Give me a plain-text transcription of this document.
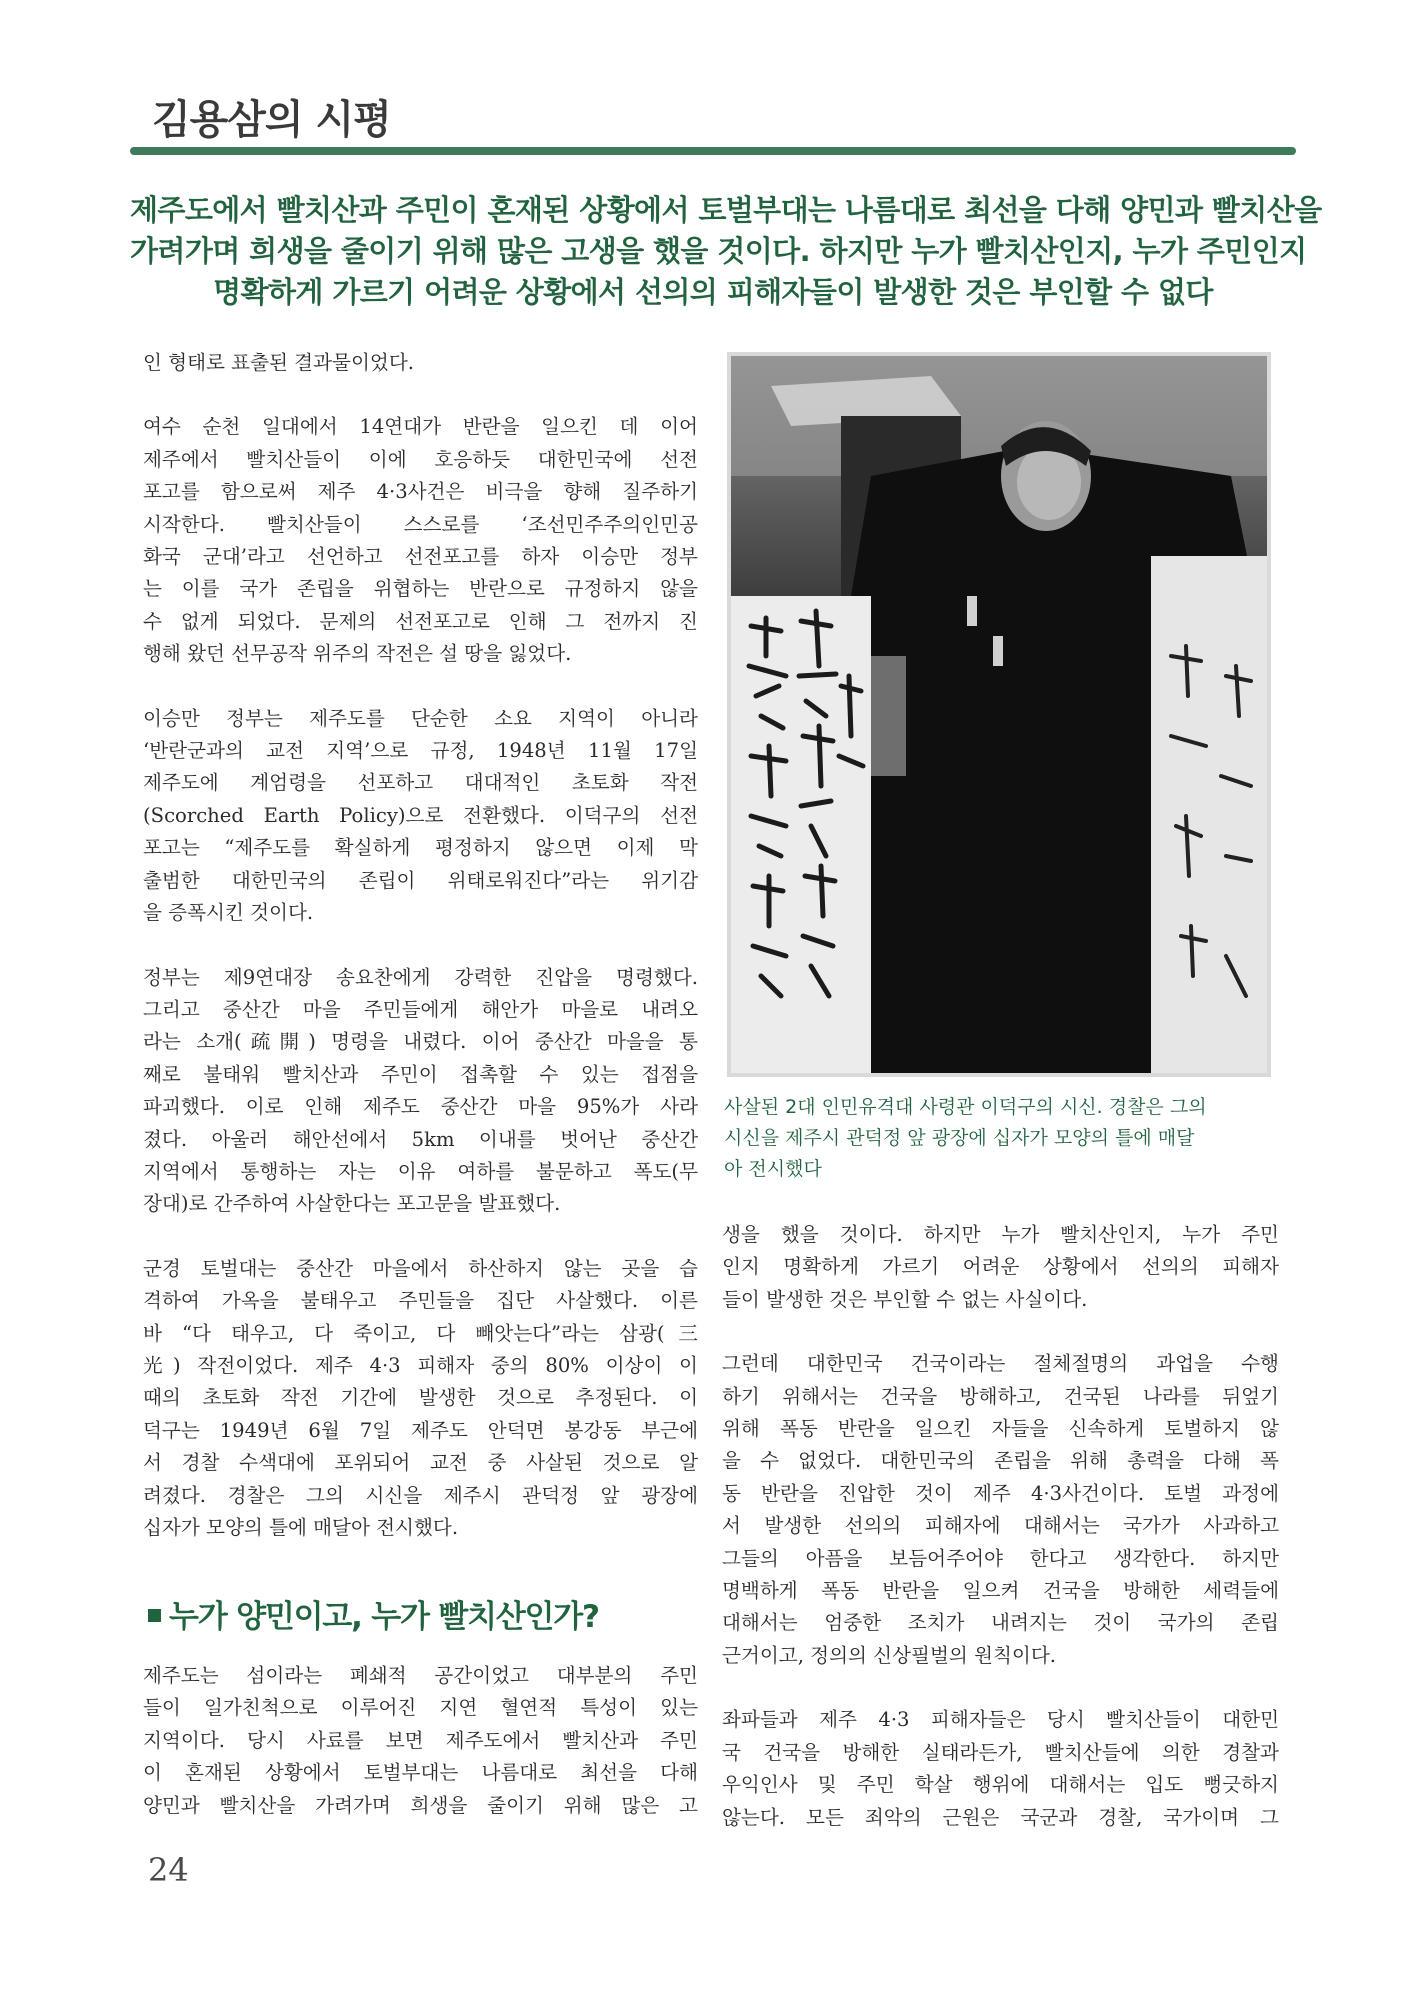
김용삼의 시평
제주도에서 빨치산과 주민이 혼재된 상황에서 토벌부대는 나름대로 최선을 다해 양민과 빨치산을
가려가며 희생을 줄이기 위해 많은 고생을 했을 것이다. 하지만 누가 빨치산인지, 누가 주민인지
명확하게 가르기 어려운 상황에서 선의의 피해자들이 발생한 것은 부인할 수 없다

인 형태로 표출된 결과물이었다.

여수 순천 일대에서 14연대가 반란을 일으킨 데 이어

제주에서 빨치산들이 이에 호응하듯 대한민국에 선전

포고를 함으로써 제주 4·3사건은 비극을 향해 질주하기

시작한다. 빨치산들이 스스로를 ‘조선민주주의인민공

화국 군대’라고 선언하고 선전포고를 하자 이승만 정부

는 이를 국가 존립을 위협하는 반란으로 규정하지 않을

수 없게 되었다. 문제의 선전포고로 인해 그 전까지 진

행해 왔던 선무공작 위주의 작전은 설 땅을 잃었다.

이승만 정부는 제주도를 단순한 소요 지역이 아니라

‘반란군과의 교전 지역’으로 규정, 1948년 11월 17일

제주도에 계엄령을 선포하고 대대적인 초토화 작전

(Scorched Earth Policy)으로 전환했다. 이덕구의 선전

포고는 “제주도를 확실하게 평정하지 않으면 이제 막

출범한 대한민국의 존립이 위태로워진다”라는 위기감

을 증폭시킨 것이다.

정부는 제9연대장 송요찬에게 강력한 진압을 명령했다.

그리고 중산간 마을 주민들에게 해안가 마을로 내려오

라는 소개(疏開) 명령을 내렸다. 이어 중산간 마을을 통

째로 불태워 빨치산과 주민이 접촉할 수 있는 접점을

파괴했다. 이로 인해 제주도 중산간 마을 95%가 사라

졌다. 아울러 해안선에서 5km 이내를 벗어난 중산간

지역에서 통행하는 자는 이유 여하를 불문하고 폭도(무

장대)로 간주하여 사살한다는 포고문을 발표했다.

군경 토벌대는 중산간 마을에서 하산하지 않는 곳을 습

격하여 가옥을 불태우고 주민들을 집단 사살했다. 이른

바 “다 태우고, 다 죽이고, 다 빼앗는다”라는 삼광(三

光) 작전이었다. 제주 4·3 피해자 중의 80% 이상이 이

때의 초토화 작전 기간에 발생한 것으로 추정된다. 이

덕구는 1949년 6월 7일 제주도 안덕면 봉강동 부근에

서 경찰 수색대에 포위되어 교전 중 사살된 것으로 알

려졌다. 경찰은 그의 시신을 제주시 관덕정 앞 광장에

십자가 모양의 틀에 매달아 전시했다.

누가 양민이고, 누가 빨치산인가?

제주도는 섬이라는 폐쇄적 공간이었고 대부분의 주민

들이 일가친척으로 이루어진 지연 혈연적 특성이 있는

지역이다. 당시 사료를 보면 제주도에서 빨치산과 주민

이 혼재된 상황에서 토벌부대는 나름대로 최선을 다해

양민과 빨치산을 가려가며 희생을 줄이기 위해 많은 고

사살된 2대 인민유격대 사령관 이덕구의 시신. 경찰은 그의
시신을 제주시 관덕정 앞 광장에 십자가 모양의 틀에 매달
아 전시했다

생을 했을 것이다. 하지만 누가 빨치산인지, 누가 주민

인지 명확하게 가르기 어려운 상황에서 선의의 피해자

들이 발생한 것은 부인할 수 없는 사실이다.

그런데 대한민국 건국이라는 절체절명의 과업을 수행

하기 위해서는 건국을 방해하고, 건국된 나라를 뒤엎기

위해 폭동 반란을 일으킨 자들을 신속하게 토벌하지 않

을 수 없었다. 대한민국의 존립을 위해 총력을 다해 폭

동 반란을 진압한 것이 제주 4·3사건이다. 토벌 과정에

서 발생한 선의의 피해자에 대해서는 국가가 사과하고

그들의 아픔을 보듬어주어야 한다고 생각한다. 하지만

명백하게 폭동 반란을 일으켜 건국을 방해한 세력들에

대해서는 엄중한 조치가 내려지는 것이 국가의 존립

근거이고, 정의의 신상필벌의 원칙이다.

좌파들과 제주 4·3 피해자들은 당시 빨치산들이 대한민

국 건국을 방해한 실태라든가, 빨치산들에 의한 경찰과

우익인사 및 주민 학살 행위에 대해서는 입도 뻥긋하지

않는다. 모든 죄악의 근원은 국군과 경찰, 국가이며 그

24
